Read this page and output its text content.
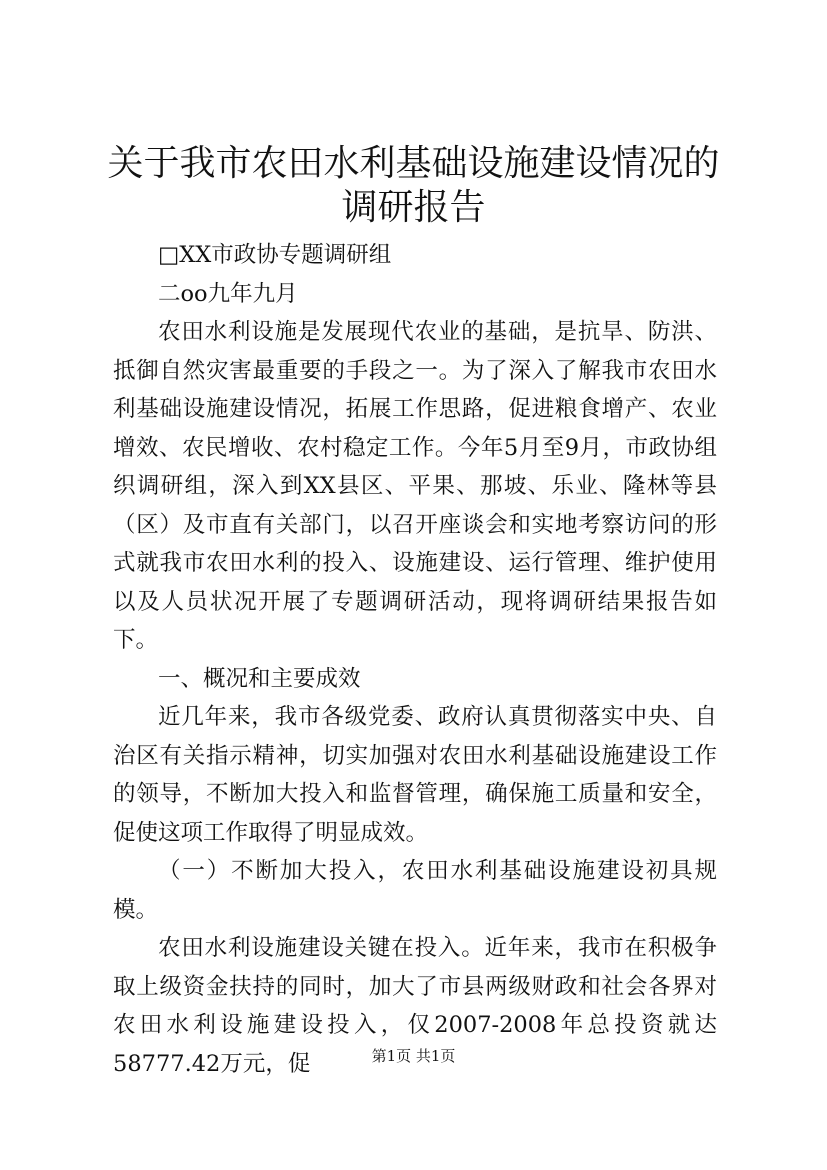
关于我市农田水利基础设施建设情况的调研报告

□XX市政协专题调研组

二oo九年九月

农田水利设施是发展现代农业的基础，是抗旱、防洪、抵御自然灾害最重要的手段之一。为了深入了解我市农田水利基础设施建设情况，拓展工作思路，促进粮食增产、农业增效、农民增收、农村稳定工作。今年5月至9月，市政协组织调研组，深入到XX县区、平果、那坡、乐业、隆林等县（区）及市直有关部门，以召开座谈会和实地考察访问的形式就我市农田水利的投入、设施建设、运行管理、维护使用以及人员状况开展了专题调研活动，现将调研结果报告如下。

一、概况和主要成效

近几年来，我市各级党委、政府认真贯彻落实中央、自治区有关指示精神，切实加强对农田水利基础设施建设工作的领导，不断加大投入和监督管理，确保施工质量和安全，促使这项工作取得了明显成效。

（一）不断加大投入，农田水利基础设施建设初具规模。

农田水利设施建设关键在投入。近年来，我市在积极争取上级资金扶持的同时，加大了市县两级财政和社会各界对农田水利设施建设投入，仅2007-2008年总投资就达58777.42万元，促	第1页 共1页
